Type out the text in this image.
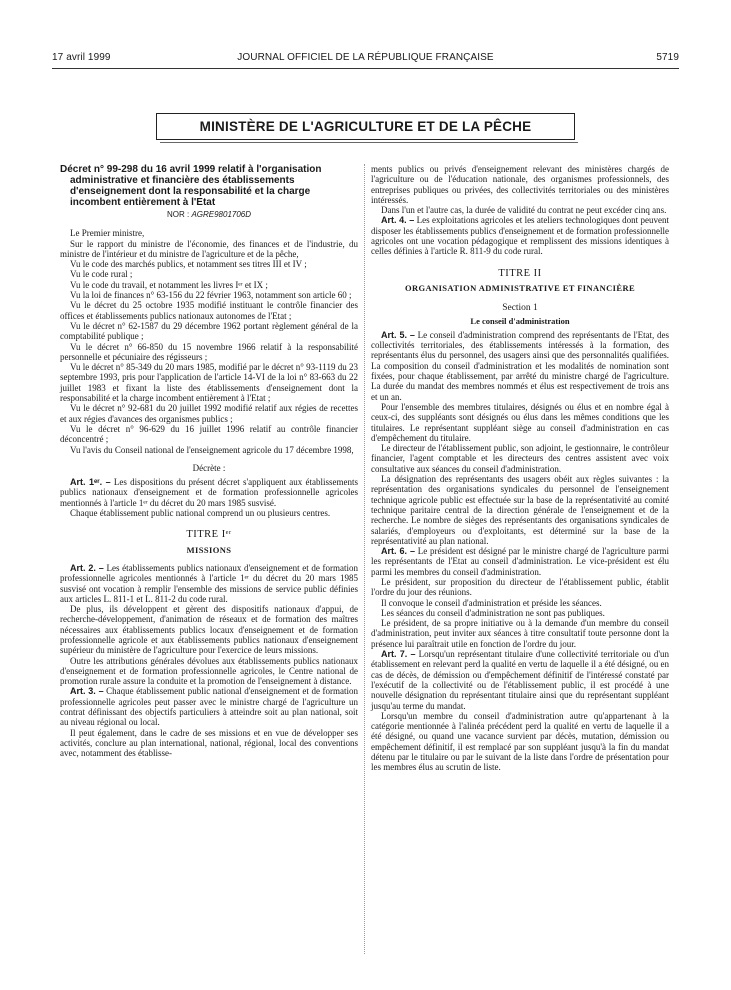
17 avril 1999	JOURNAL OFFICIEL DE LA RÉPUBLIQUE FRANÇAISE	5719
MINISTÈRE DE L'AGRICULTURE ET DE LA PÊCHE
Décret n° 99-298 du 16 avril 1999 relatif à l'organisation administrative et financière des établissements d'enseignement dont la responsabilité et la charge incombent entièrement à l'Etat
NOR : AGRE9801706D

Le Premier ministre,

Sur le rapport du ministre de l'économie, des finances et de l'industrie, du ministre de l'intérieur et du ministre de l'agriculture et de la pêche,

Vu le code des marchés publics, et notamment ses titres III et IV ;

Vu le code rural ;

Vu le code du travail, et notamment les livres Iᵉʳ et IX ;

Vu la loi de finances n° 63-156 du 22 février 1963, notamment son article 60 ;

Vu le décret du 25 octobre 1935 modifié instituant le contrôle financier des offices et établissements publics nationaux autonomes de l'Etat ;

Vu le décret n° 62-1587 du 29 décembre 1962 portant règlement général de la comptabilité publique ;

Vu le décret n° 66-850 du 15 novembre 1966 relatif à la responsabilité personnelle et pécuniaire des régisseurs ;

Vu le décret n° 85-349 du 20 mars 1985, modifié par le décret n° 93-1119 du 23 septembre 1993, pris pour l'application de l'article 14-VI de la loi n° 83-663 du 22 juillet 1983 et fixant la liste des établissements d'enseignement dont la responsabilité et la charge incombent entièrement à l'Etat ;

Vu le décret n° 92-681 du 20 juillet 1992 modifié relatif aux régies de recettes et aux régies d'avances des organismes publics ;

Vu le décret n° 96-629 du 16 juillet 1996 relatif au contrôle financier déconcentré ;

Vu l'avis du Conseil national de l'enseignement agricole du 17 décembre 1998,

Décrète :

Art. 1ᵉʳ. – Les dispositions du présent décret s'appliquent aux établissements publics nationaux d'enseignement et de formation professionnelle agricoles mentionnés à l'article 1ᵉʳ du décret du 20 mars 1985 susvisé.

Chaque établissement public national comprend un ou plusieurs centres.

TITRE Iᵉʳ
MISSIONS

Art. 2. – Les établissements publics nationaux d'enseignement et de formation professionnelle agricoles mentionnés à l'article 1ᵉʳ du décret du 20 mars 1985 susvisé ont vocation à remplir l'ensemble des missions de service public définies aux articles L. 811-1 et L. 811-2 du code rural.

De plus, ils développent et gèrent des dispositifs nationaux d'appui, de recherche-développement, d'animation de réseaux et de formation des maîtres nécessaires aux établissements publics locaux d'enseignement et de formation professionnelle agricole et aux établissements publics nationaux d'enseignement supérieur du ministère de l'agriculture pour l'exercice de leurs missions.

Outre les attributions générales dévolues aux établissements publics nationaux d'enseignement et de formation professionnelle agricoles, le Centre national de promotion rurale assure la conduite et la promotion de l'enseignement à distance.

Art. 3. – Chaque établissement public national d'enseignement et de formation professionnelle agricoles peut passer avec le ministre chargé de l'agriculture un contrat définissant des objectifs particuliers à atteindre soit au plan national, soit au niveau régional ou local.

Il peut également, dans le cadre de ses missions et en vue de développer ses activités, conclure au plan international, national, régional, local des conventions avec, notamment des établisse-

ments publics ou privés d'enseignement relevant des ministères chargés de l'agriculture ou de l'éducation nationale, des organismes professionnels, des entreprises publiques ou privées, des collectivités territoriales ou des ministères intéressés.

Dans l'un et l'autre cas, la durée de validité du contrat ne peut excéder cinq ans.

Art. 4. – Les exploitations agricoles et les ateliers technologiques dont peuvent disposer les établissements publics d'enseignement et de formation professionnelle agricoles ont une vocation pédagogique et remplissent des missions identiques à celles définies à l'article R. 811-9 du code rural.

TITRE II
ORGANISATION ADMINISTRATIVE ET FINANCIÈRE
Section 1
Le conseil d'administration

Art. 5. – Le conseil d'administration comprend des représentants de l'Etat, des collectivités territoriales, des établissements intéressés à la formation, des représentants élus du personnel, des usagers ainsi que des personnalités qualifiées. La composition du conseil d'administration et les modalités de nomination sont fixées, pour chaque établissement, par arrêté du ministre chargé de l'agriculture. La durée du mandat des membres nommés et élus est respectivement de trois ans et un an.

Pour l'ensemble des membres titulaires, désignés ou élus et en nombre égal à ceux-ci, des suppléants sont désignés ou élus dans les mêmes conditions que les titulaires. Le représentant suppléant siège au conseil d'administration en cas d'empêchement du titulaire.

Le directeur de l'établissement public, son adjoint, le gestionnaire, le contrôleur financier, l'agent comptable et les directeurs des centres assistent avec voix consultative aux séances du conseil d'administration.

La désignation des représentants des usagers obéit aux règles suivantes : la représentation des organisations syndicales du personnel de l'enseignement technique agricole public est effectuée sur la base de la représentativité au comité technique paritaire central de la direction générale de l'enseignement et de la recherche. Le nombre de sièges des représentants des organisations syndicales de salariés, d'employeurs ou d'exploitants, est déterminé sur la base de la représentativité au plan national.

Art. 6. – Le président est désigné par le ministre chargé de l'agriculture parmi les représentants de l'Etat au conseil d'administration. Le vice-président est élu parmi les membres du conseil d'administration.

Le président, sur proposition du directeur de l'établissement public, établit l'ordre du jour des réunions.

Il convoque le conseil d'administration et préside les séances.

Les séances du conseil d'administration ne sont pas publiques.

Le président, de sa propre initiative ou à la demande d'un membre du conseil d'administration, peut inviter aux séances à titre consultatif toute personne dont la présence lui paraîtrait utile en fonction de l'ordre du jour.

Art. 7. – Lorsqu'un représentant titulaire d'une collectivité territoriale ou d'un établissement en relevant perd la qualité en vertu de laquelle il a été désigné, ou en cas de décès, de démission ou d'empêchement définitif de l'intéressé constaté par l'exécutif de la collectivité ou de l'établissement public, il est procédé à une nouvelle désignation du représentant titulaire ainsi que du représentant suppléant jusqu'au terme du mandat.

Lorsqu'un membre du conseil d'administration autre qu'appartenant à la catégorie mentionnée à l'alinéa précédent perd la qualité en vertu de laquelle il a été désigné, ou quand une vacance survient par décès, mutation, démission ou empêchement définitif, il est remplacé par son suppléant jusqu'à la fin du mandat détenu par le titulaire ou par le suivant de la liste dans l'ordre de présentation pour les membres élus au scrutin de liste.
